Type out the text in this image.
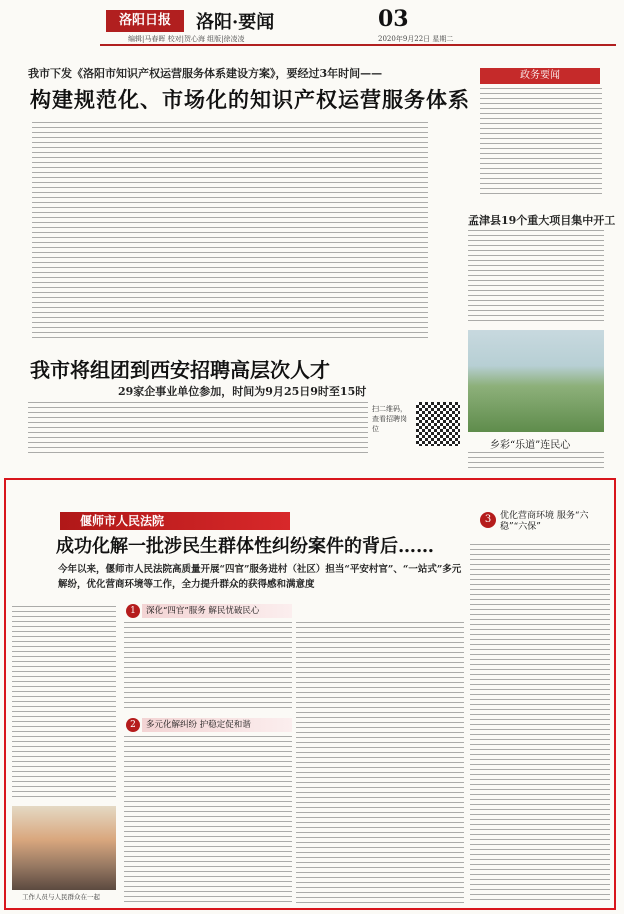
洛阳日报	洛阳·要闻	03
编辑|马春晖 校对|贺心海 组版|徐凌凌	2020年9月22日 星期二
我市下发《洛阳市知识产权运营服务体系建设方案》，要经过3年时间——
构建规范化、市场化的知识产权运营服务体系
政务要闻
孟津县19个重大项目集中开工
乡彩“乐道”连民心
我市将组团到西安招聘高层次人才
29家企事业单位参加，时间为9月25日9时至15时
扫二维码，查看招聘岗位
偃师市人民法院
成功化解一批涉民生群体性纠纷案件的背后……
今年以来，偃师市人民法院高质量开展“四官”服务进村（社区）担当“平安村官”、“一站式”多元解纷，优化营商环境等工作，全力提升群众的获得感和满意度
3 优化营商环境 服务“六稳”“六保”
工作人员与人民群众在一起
1	深化“四官”服务 解民忧破民心
2	多元化解纠纷 护稳定促和谐
